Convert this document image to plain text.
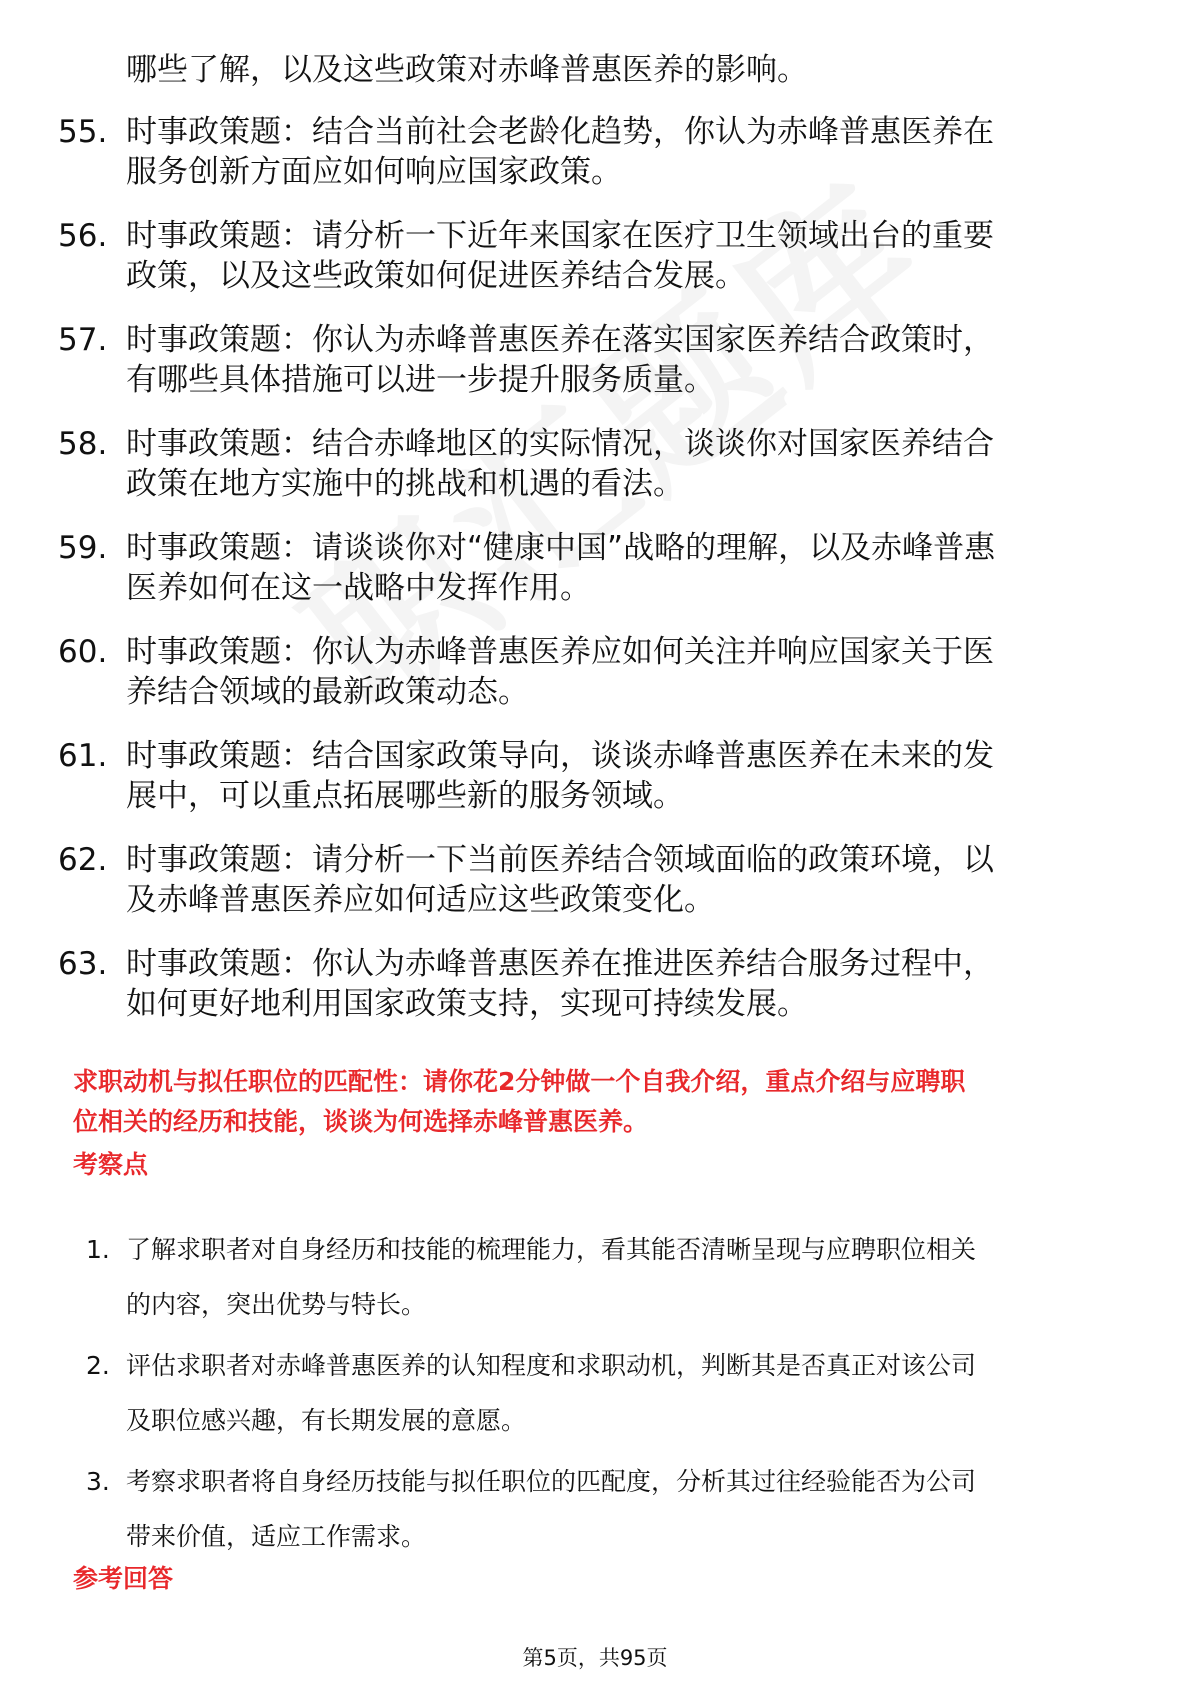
哪些了解，以及这些政策对赤峰普惠医养的影响。
55. 时事政策题：结合当前社会老龄化趋势，你认为赤峰普惠医养在
服务创新方面应如何响应国家政策。
56. 时事政策题：请分析一下近年来国家在医疗卫生领域出台的重要
政策，以及这些政策如何促进医养结合发展。
57. 时事政策题：你认为赤峰普惠医养在落实国家医养结合政策时，
有哪些具体措施可以进一步提升服务质量。
58. 时事政策题：结合赤峰地区的实际情况，谈谈你对国家医养结合
政策在地方实施中的挑战和机遇的看法。
59. 时事政策题：请谈谈你对“健康中国”战略的理解，以及赤峰普惠
医养如何在这一战略中发挥作用。
60. 时事政策题：你认为赤峰普惠医养应如何关注并响应国家关于医
养结合领域的最新政策动态。
61. 时事政策题：结合国家政策导向，谈谈赤峰普惠医养在未来的发
展中，可以重点拓展哪些新的服务领域。
62. 时事政策题：请分析一下当前医养结合领域面临的政策环境，以
及赤峰普惠医养应如何适应这些政策变化。
63. 时事政策题：你认为赤峰普惠医养在推进医养结合服务过程中，
如何更好地利用国家政策支持，实现可持续发展。
求职动机与拟任职位的匹配性：请你花2分钟做一个自我介绍，重点介绍与应聘职
位相关的经历和技能，谈谈为何选择赤峰普惠医养。
考察点
1. 了解求职者对自身经历和技能的梳理能力，看其能否清晰呈现与应聘职位相关
的内容，突出优势与特长。
2. 评估求职者对赤峰普惠医养的认知程度和求职动机，判断其是否真正对该公司
及职位感兴趣，有长期发展的意愿。
3. 考察求职者将自身经历技能与拟任职位的匹配度，分析其过往经验能否为公司
带来价值，适应工作需求。
参考回答
第5页，共95页
